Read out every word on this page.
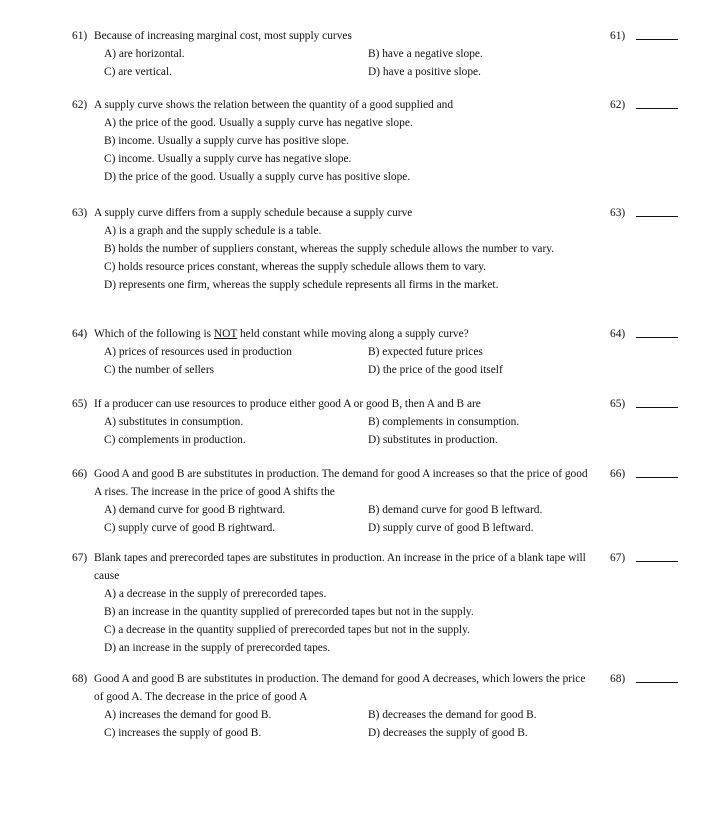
61) Because of increasing marginal cost, most supply curves	61)
A) are horizontal.	B) have a negative slope.
C) are vertical.	D) have a positive slope.
62) A supply curve shows the relation between the quantity of a good supplied and	62)
A) the price of the good. Usually a supply curve has negative slope.
B) income. Usually a supply curve has positive slope.
C) income. Usually a supply curve has negative slope.
D) the price of the good. Usually a supply curve has positive slope.
63) A supply curve differs from a supply schedule because a supply curve	63)
A) is a graph and the supply schedule is a table.
B) holds the number of suppliers constant, whereas the supply schedule allows the number to vary.
C) holds resource prices constant, whereas the supply schedule allows them to vary.
D) represents one firm, whereas the supply schedule represents all firms in the market.
64) Which of the following is NOT held constant while moving along a supply curve?	64)
A) prices of resources used in production	B) expected future prices
C) the number of sellers	D) the price of the good itself
65) If a producer can use resources to produce either good A or good B, then A and B are	65)
A) substitutes in consumption.	B) complements in consumption.
C) complements in production.	D) substitutes in production.
66) Good A and good B are substitutes in production. The demand for good A increases so that the price of good A rises. The increase in the price of good A shifts the
66)
A) demand curve for good B rightward.	B) demand curve for good B leftward.
C) supply curve of good B rightward.	D) supply curve of good B leftward.
67) Blank tapes and prerecorded tapes are substitutes in production. An increase in the price of a blank tape will cause
67)
A) a decrease in the supply of prerecorded tapes.
B) an increase in the quantity supplied of prerecorded tapes but not in the supply.
C) a decrease in the quantity supplied of prerecorded tapes but not in the supply.
D) an increase in the supply of prerecorded tapes.
68) Good A and good B are substitutes in production. The demand for good A decreases, which lowers the price of good A. The decrease in the price of good A
68)
A) increases the demand for good B.	B) decreases the demand for good B.
C) increases the supply of good B.	D) decreases the supply of good B.
